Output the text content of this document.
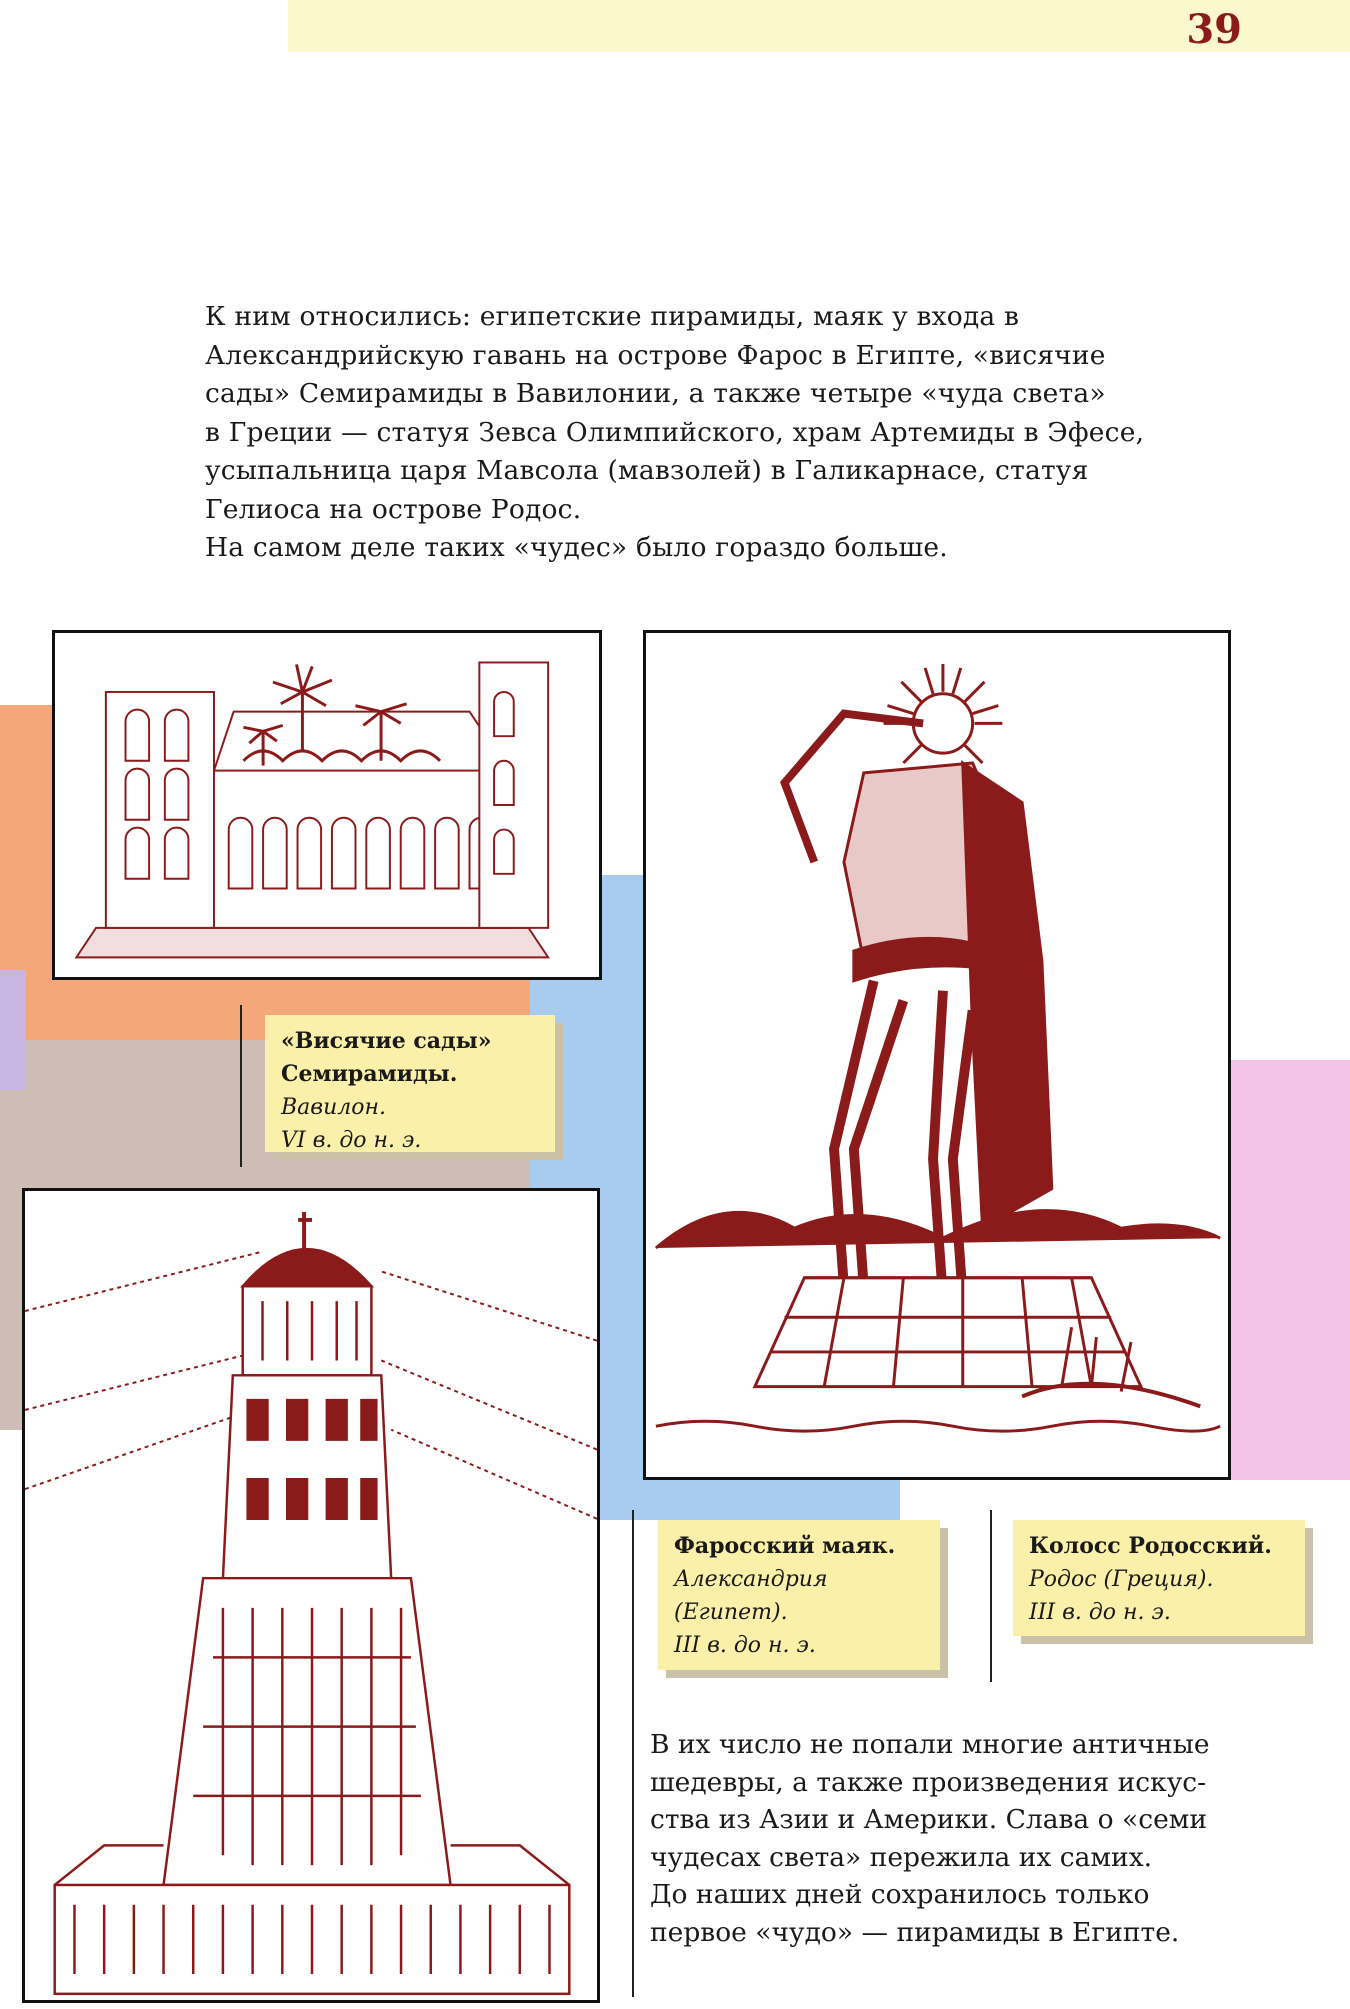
39

К ним относились: египетские пирамиды, маяк у входа в

Александрийскую гавань на острове Фарос в Египте, «висячие

сады» Семирамиды в Вавилонии, а также четыре «чуда света»

в Греции — статуя Зевса Олимпийского, храм Артемиды в Эфесе,

усыпальница царя Мавсола (мавзолей) в Галикарнасе, статуя

Гелиоса на острове Родос.

На самом деле таких «чудес» было гораздо больше.

«Висячие сады»
Семирамиды.
Вавилон.
VI в. до н. э.
Фаросский маяк.
Александрия
(Египет).
III в. до н. э.
Колосс Родосский.
Родос (Греция).
III в. до н. э.

В их число не попали многие античные

шедевры, а также произведения искус-

ства из Азии и Америки. Слава о «семи

чудесах света» пережила их самих.

До наших дней сохранилось только

первое «чудо» — пирамиды в Египте.
